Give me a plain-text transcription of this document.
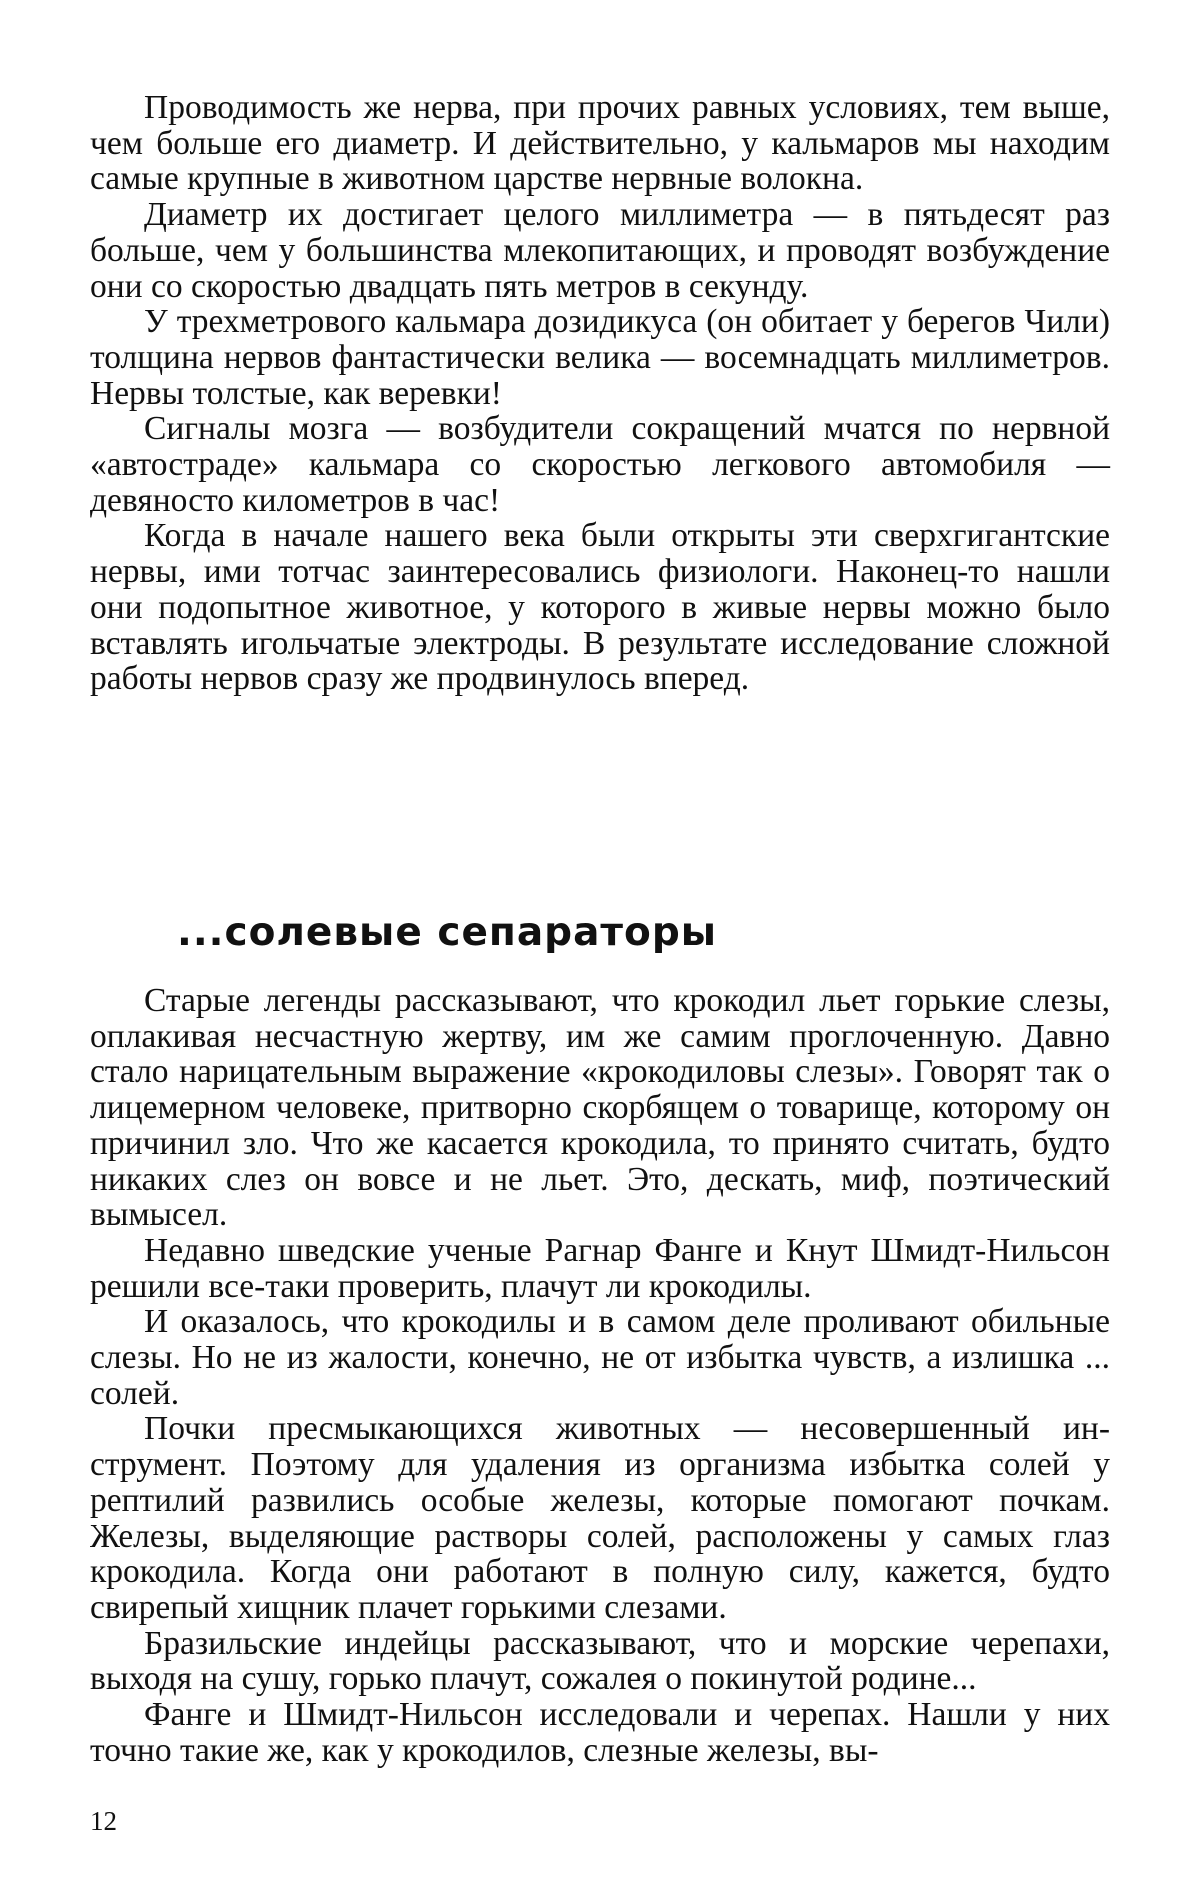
Проводимость же нерва, при прочих равных условиях, тем выше, чем больше его диаметр. И действительно, у кальмаров мы находим самые крупные в животном царстве нервные волокна.

Диаметр их достигает целого миллиметра — в пятьдесят раз больше, чем у большинства млекопитающих, и проводят возбуждение они со скоростью двадцать пять метров в секунду.

У трехметрового кальмара дозидикуса (он обитает у берегов Чили) толщина нервов фантастически велика — восемнадцать миллиметров. Нервы толстые, как веревки!

Сигналы мозга — возбудители сокращений мчатся по нервной «автостраде» кальмара со скоростью легкового автомобиля — девяносто километров в час!

Когда в начале нашего века были открыты эти сверхгигантские нервы, ими тотчас заинтересовались физиологи. Наконец-то нашли они подопытное животное, у которого в живые нервы можно было вставлять игольчатые электроды. В результате исследование сложной работы нервов сразу же продвинулось вперед.

...солевые сепараторы

Старые легенды рассказывают, что крокодил льет горькие слезы, оплакивая несчастную жертву, им же самим проглоченную. Давно стало нарицательным выражение «крокодиловы слезы». Говорят так о лицемерном человеке, притворно скорбящем о товарище, которому он причинил зло. Что же касается крокодила, то принято считать, будто никаких слез он вовсе и не льет. Это, дескать, миф, поэтический вымысел.

Недавно шведские ученые Рагнар Фанге и Кнут Шмидт-Нильсон решили все-таки проверить, плачут ли крокодилы.

И оказалось, что крокодилы и в самом деле проливают обильные слезы. Но не из жалости, конечно, не от избытка чувств, а излишка ... солей.

Почки пресмыкающихся животных — несовершенный инструмент. Поэтому для удаления из организма избытка солей у рептилий развились особые железы, которые помогают почкам. Железы, выделяющие растворы солей, расположены у самых глаз крокодила. Когда они работают в полную силу, кажется, будто свирепый хищник плачет горькими слезами.

Бразильские индейцы рассказывают, что и морские черепахи, выходя на сушу, горько плачут, сожалея о покинутой родине...

Фанге и Шмидт-Нильсон исследовали и черепах. Нашли у них точно такие же, как у крокодилов, слезные железы, вы-

12
